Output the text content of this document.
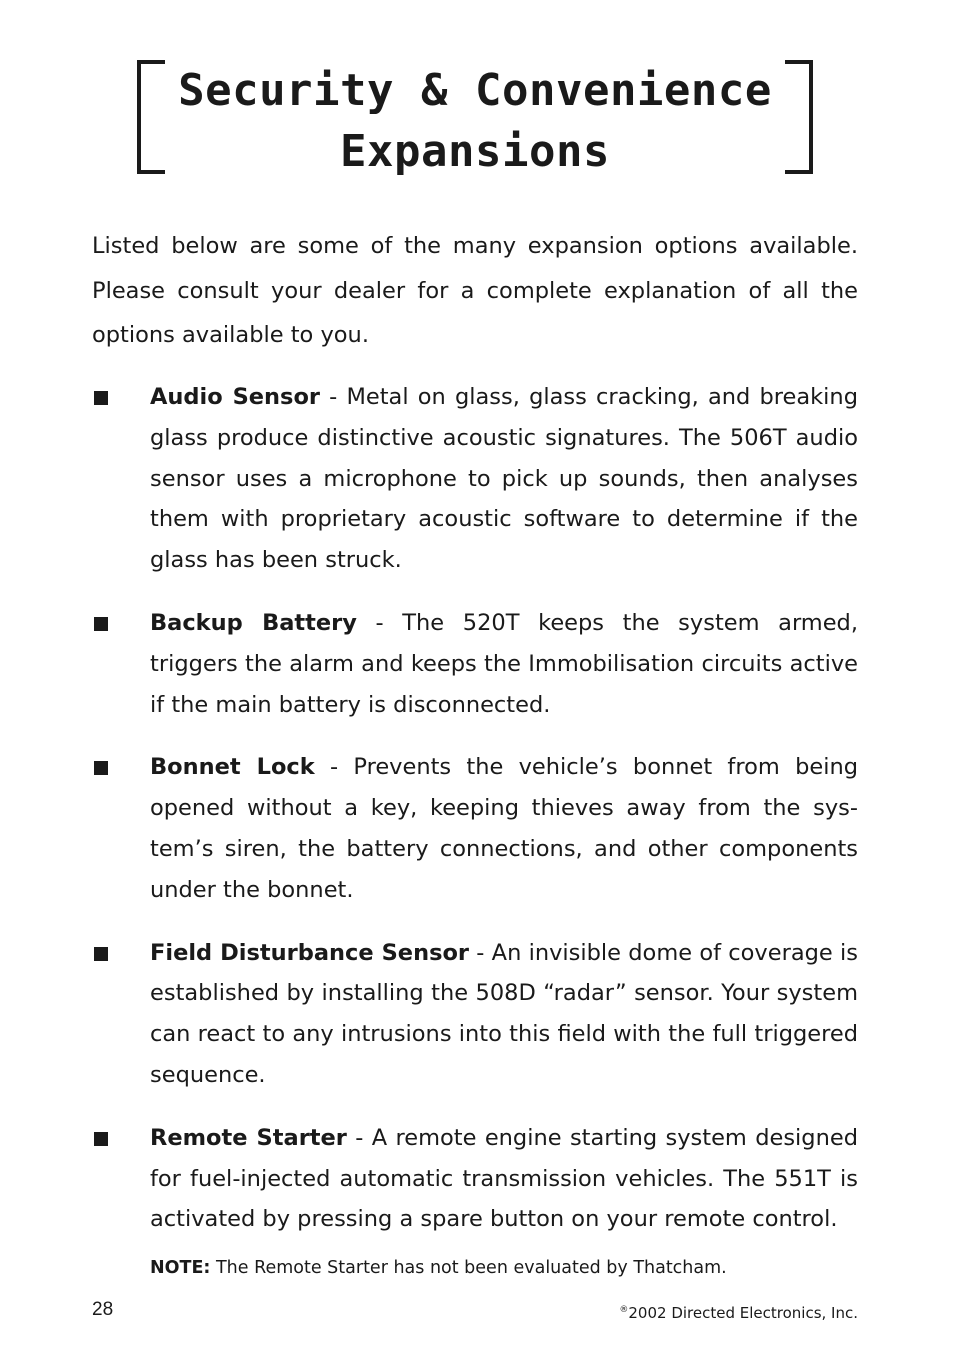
Security & Convenience
Expansions

Listed below are some of the many expansion options available. Please consult your dealer for a complete explanation of all the options available to you.

Audio Sensor - Metal on glass, glass cracking, and breaking glass produce distinctive acoustic signatures. The 506T audio sensor uses a microphone to pick up sounds, then analyses them with proprietary acoustic software to determine if the glass has been struck.
Backup Battery - The 520T keeps the system armed, triggers the alarm and keeps the Immobilisation circuits active if the main battery is disconnected.
Bonnet Lock - Prevents the vehicle’s bonnet from being opened without a key, keeping thieves away from the system’s siren, the battery connections, and other components under the bonnet.
Field Disturbance Sensor - An invisible dome of coverage is established by installing the 508D “radar” sensor. Your system can react to any intrusions into this field with the full triggered sequence.
Remote Starter - A remote engine starting system designed for fuel-injected automatic transmission vehicles. The 551T is activated by pressing a spare button on your remote control.

NOTE: The Remote Starter has not been evaluated by Thatcham.

28	®2002 Directed Electronics, Inc.
